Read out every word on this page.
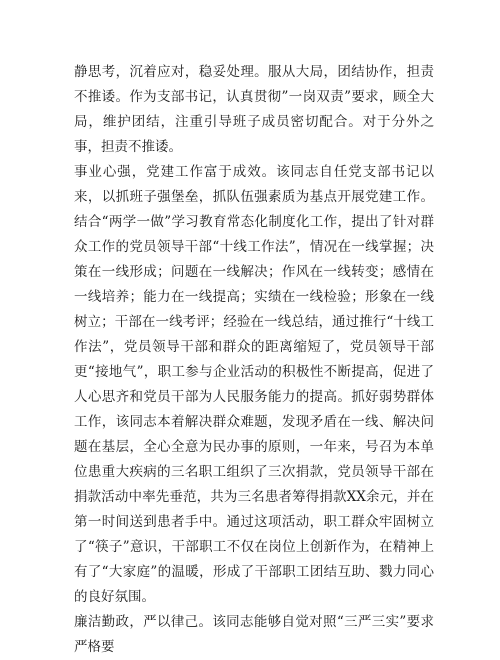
静思考，沉着应对，稳妥处理。服从大局，团结协作，担责不推诿。作为支部书记，认真贯彻”一岗双责”要求，顾全大局，维护团结，注重引导班子成员密切配合。对于分外之事，担责不推诿。

事业心强，党建工作富于成效。该同志自任党支部书记以来，以抓班子强堡垒，抓队伍强素质为基点开展党建工作。结合“两学一做”学习教育常态化制度化工作，提出了针对群众工作的党员领导干部“十线工作法”，情况在一线掌握；决策在一线形成；问题在一线解决；作风在一线转变；感情在一线培养；能力在一线提高；实绩在一线检验；形象在一线树立；干部在一线考评；经验在一线总结，通过推行“十线工作法”，党员领导干部和群众的距离缩短了，党员领导干部更“接地气”，职工参与企业活动的积极性不断提高，促进了人心思齐和党员干部为人民服务能力的提高。抓好弱势群体工作，该同志本着解决群众难题，发现矛盾在一线、解决问题在基层，全心全意为民办事的原则，一年来，号召为本单位患重大疾病的三名职工组织了三次捐款，党员领导干部在捐款活动中率先垂范，共为三名患者筹得捐款XX余元，并在第一时间送到患者手中。通过这项活动，职工群众牢固树立了“筷子”意识，干部职工不仅在岗位上创新作为，在精神上有了“大家庭”的温暖，形成了干部职工团结互助、戮力同心的良好氛围。

廉洁勤政，严以律己。该同志能够自觉对照“三严三实”要求严格要
